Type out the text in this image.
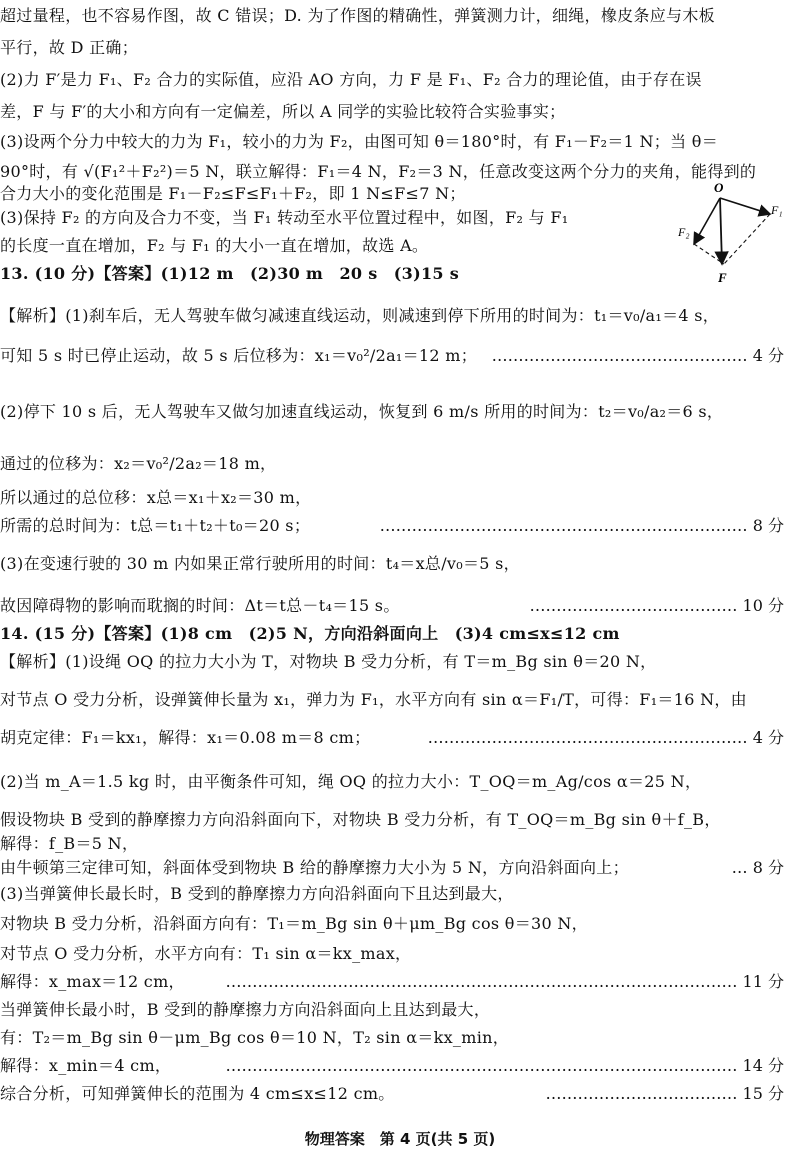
超过量程，也不容易作图，故 C 错误；D. 为了作图的精确性，弹簧测力计，细绳，橡皮条应与木板
平行，故 D 正确；
(2)力 F′是力 F₁、F₂ 合力的实际值，应沿 AO 方向，力 F 是 F₁、F₂ 合力的理论值，由于存在误
差，F 与 F′的大小和方向有一定偏差，所以 A 同学的实验比较符合实验事实；
(3)设两个分力中较大的力为 F₁，较小的力为 F₂，由图可知 θ＝180°时，有 F₁－F₂＝1 N；当 θ＝
90°时，有 √(F₁²＋F₂²)＝5 N，联立解得：F₁＝4 N，F₂＝3 N，任意改变这两个分力的夹角，能得到的
合力大小的变化范围是 F₁－F₂≤F≤F₁＋F₂，即 1 N≤F≤7 N；
(3)保持 F₂ 的方向及合力不变，当 F₁ 转动至水平位置过程中，如图，F₂ 与 F₁
的长度一直在增加，F₂ 与 F₁ 的大小一直在增加，故选 A。
O
F₁
F₂
F
13. (10 分)【答案】(1)12 m　(2)30 m　20 s　(3)15 s
【解析】(1)刹车后，无人驾驶车做匀减速直线运动，则减速到停下所用的时间为：t₁＝v₀/a₁＝4 s，
可知 5 s 时已停止运动，故 5 s 后位移为：x₁＝v₀²/2a₁＝12 m； ………………………………………… 4 分
(2)停下 10 s 后，无人驾驶车又做匀加速直线运动，恢复到 6 m/s 所用的时间为：t₂＝v₀/a₂＝6 s，
通过的位移为：x₂＝v₀²/2a₂＝18 m，
所以通过的总位移：x总＝x₁＋x₂＝30 m，
所需的总时间为：t总＝t₁＋t₂＋t₀＝20 s；	…………………………………………………………… 8 分
(3)在变速行驶的 30 m 内如果正常行驶所用的时间：t₄＝x总/v₀＝5 s，
故因障碍物的影响而耽搁的时间：Δt＝t总－t₄＝15 s。	………………………………… 10 分
14. (15 分)【答案】(1)8 cm　(2)5 N，方向沿斜面向上　(3)4 cm≤x≤12 cm
【解析】(1)设绳 OQ 的拉力大小为 T，对物块 B 受力分析，有 T＝m_Bg sin θ＝20 N，
对节点 O 受力分析，设弹簧伸长量为 x₁，弹力为 F₁，水平方向有 sin α＝F₁/T，可得：F₁＝16 N，由
胡克定律：F₁＝kx₁，解得：x₁＝0.08 m＝8 cm；	…………………………………………………… 4 分
(2)当 m_A＝1.5 kg 时，由平衡条件可知，绳 OQ 的拉力大小：T_OQ＝m_Ag/cos α＝25 N，
假设物块 B 受到的静摩擦力方向沿斜面向下，对物块 B 受力分析，有 T_OQ＝m_Bg sin θ＋f_B，
解得：f_B＝5 N，
由牛顿第三定律可知，斜面体受到物块 B 给的静摩擦力大小为 5 N，方向沿斜面向上；	… 8 分
(3)当弹簧伸长最长时，B 受到的静摩擦力方向沿斜面向下且达到最大，
对物块 B 受力分析，沿斜面方向有：T₁＝m_Bg sin θ＋μm_Bg cos θ＝30 N，
对节点 O 受力分析，水平方向有：T₁ sin α＝kx_max，
解得：x_max＝12 cm，	…………………………………………………………………………………… 11 分
当弹簧伸长最小时，B 受到的静摩擦力方向沿斜面向上且达到最大，
有：T₂＝m_Bg sin θ－μm_Bg cos θ＝10 N，T₂ sin α＝kx_min，
解得：x_min＝4 cm，	…………………………………………………………………………………… 14 分
综合分析，可知弹簧伸长的范围为 4 cm≤x≤12 cm。	……………………………… 15 分
物理答案　第 4 页(共 5 页)
